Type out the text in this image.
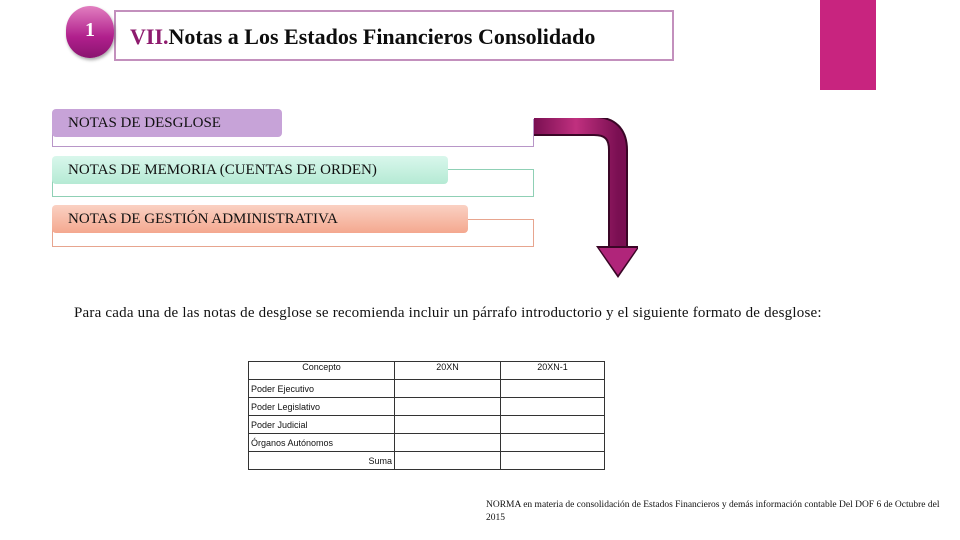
VII.Notas a Los Estados Financieros Consolidado
1
NOTAS DE DESGLOSE
NOTAS DE MEMORIA (CUENTAS DE ORDEN)
NOTAS DE GESTIÓN ADMINISTRATIVA
Para cada una de las notas de desglose se recomienda incluir un párrafo introductorio y el siguiente formato de desglose:
Concepto	20XN	20XN-1
Poder Ejecutivo		
Poder Legislativo		
Poder Judicial		
Órganos Autónomos		
Suma		
NORMA en materia de consolidación de Estados Financieros y demás información contable Del DOF 6 de Octubre del 2015
